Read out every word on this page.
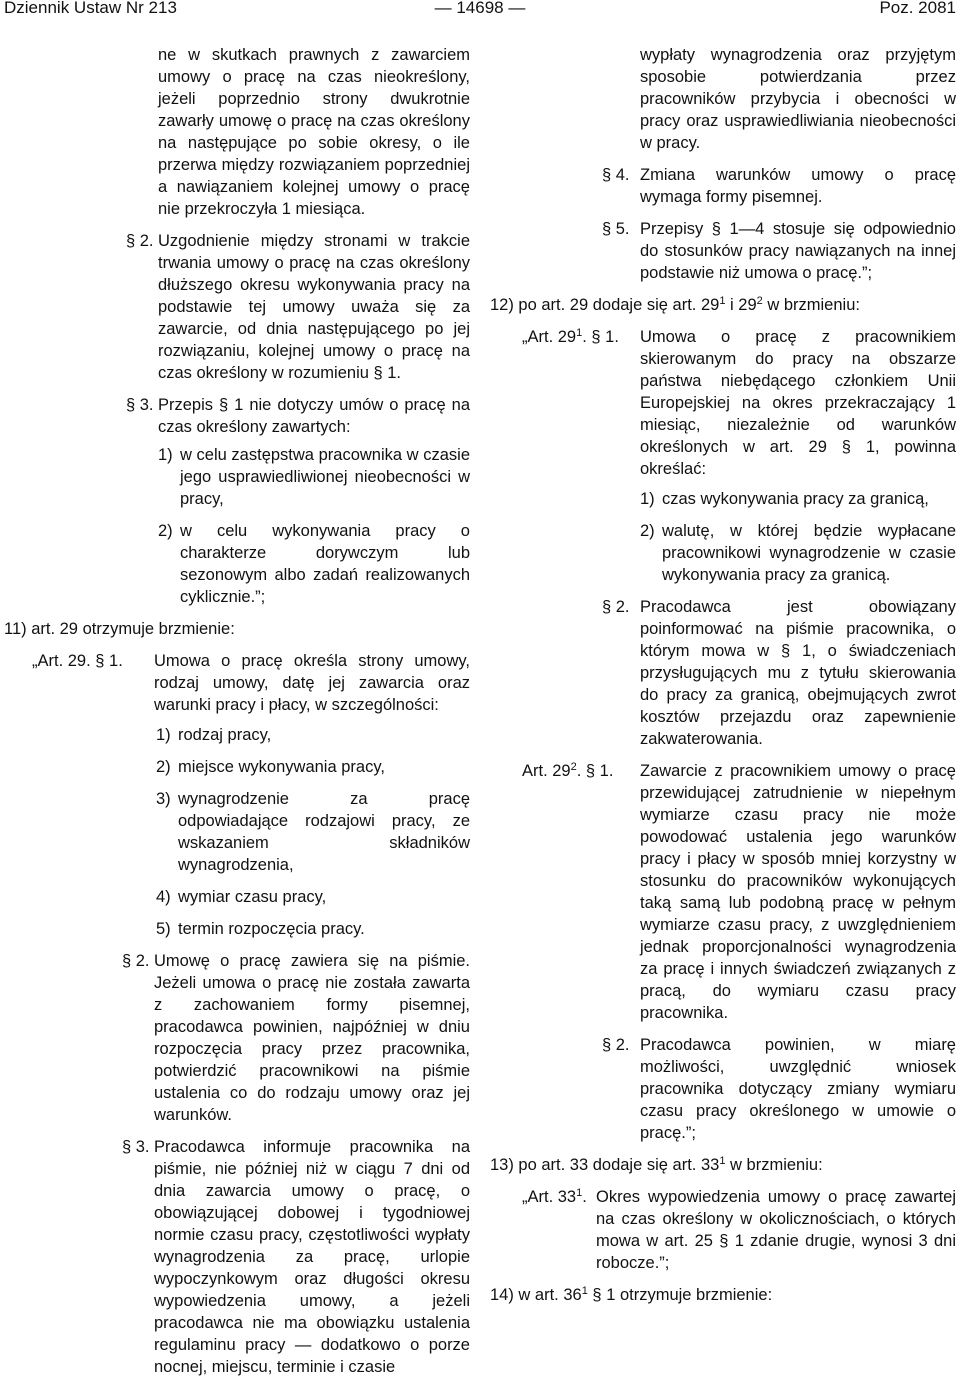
Dziennik Ustaw Nr 213	— 14698 —	Poz. 2081

ne w skutkach prawnych z zawarciem umowy o pracę na czas nieokreślony, jeżeli poprzednio strony dwukrotnie zawarły umowę o pracę na czas określony na następujące po sobie okresy, o ile przerwa między rozwiązaniem poprzedniej a nawiązaniem kolejnej umowy o pracę nie przekroczyła 1 miesiąca.

§ 2. Uzgodnienie między stronami w trakcie trwania umowy o pracę na czas określony dłuższego okresu wykonywania pracy na podstawie tej umowy uważa się za zawarcie, od dnia następującego po jej rozwiązaniu, kolejnej umowy o pracę na czas określony w rozumieniu § 1.

§ 3. Przepis § 1 nie dotyczy umów o pracę na czas określony zawartych:

1) w celu zastępstwa pracownika w czasie jego usprawiedliwionej nieobecności w pracy,

2) w celu wykonywania pracy o charakterze dorywczym lub sezonowym albo zadań realizowanych cyklicznie.”;

11) art. 29 otrzymuje brzmienie:

„Art. 29. § 1. Umowa o pracę określa strony umowy, rodzaj umowy, datę jej zawarcia oraz warunki pracy i płacy, w szczególności:

1) rodzaj pracy,

2) miejsce wykonywania pracy,

3) wynagrodzenie za pracę odpowiadające rodzajowi pracy, ze wskazaniem składników wynagrodzenia,

4) wymiar czasu pracy,

5) termin rozpoczęcia pracy.

§ 2. Umowę o pracę zawiera się na piśmie. Jeżeli umowa o pracę nie została zawarta z zachowaniem formy pisemnej, pracodawca powinien, najpóźniej w dniu rozpoczęcia pracy przez pracownika, potwierdzić pracownikowi na piśmie ustalenia co do rodzaju umowy oraz jej warunków.

§ 3. Pracodawca informuje pracownika na piśmie, nie później niż w ciągu 7 dni od dnia zawarcia umowy o pracę, o obowiązującej dobowej i tygodniowej normie czasu pracy, częstotliwości wypłaty wynagrodzenia za pracę, urlopie wypoczynkowym oraz długości okresu wypowiedzenia umowy, a jeżeli pracodawca nie ma obowiązku ustalenia regulaminu pracy — dodatkowo o porze nocnej, miejscu, terminie i czasie

wypłaty wynagrodzenia oraz przyjętym sposobie potwierdzania przez pracowników przybycia i obecności w pracy oraz usprawiedliwiania nieobecności w pracy.

§ 4. Zmiana warunków umowy o pracę wymaga formy pisemnej.

§ 5. Przepisy § 1—4 stosuje się odpowiednio do stosunków pracy nawiązanych na innej podstawie niż umowa o pracę.”;

12) po art. 29 dodaje się art. $29^1$ i $29^2$ w brzmieniu:

„Art. $29^1$. § 1. Umowa o pracę z pracownikiem skierowanym do pracy na obszarze państwa niebędącego członkiem Unii Europejskiej na okres przekraczający 1 miesiąc, niezależnie od warunków określonych w art. 29 § 1, powinna określać:

1) czas wykonywania pracy za granicą,

2) walutę, w której będzie wypłacane pracownikowi wynagrodzenie w czasie wykonywania pracy za granicą.

§ 2. Pracodawca jest obowiązany poinformować na piśmie pracownika, o którym mowa w § 1, o świadczeniach przysługujących mu z tytułu skierowania do pracy za granicą, obejmujących zwrot kosztów przejazdu oraz zapewnienie zakwaterowania.

Art. $29^2$. § 1. Zawarcie z pracownikiem umowy o pracę przewidującej zatrudnienie w niepełnym wymiarze czasu pracy nie może powodować ustalenia jego warunków pracy i płacy w sposób mniej korzystny w stosunku do pracowników wykonujących taką samą lub podobną pracę w pełnym wymiarze czasu pracy, z uwzględnieniem jednak proporcjonalności wynagrodzenia za pracę i innych świadczeń związanych z pracą, do wymiaru czasu pracy pracownika.

§ 2. Pracodawca powinien, w miarę możliwości, uwzględnić wniosek pracownika dotyczący zmiany wymiaru czasu pracy określonego w umowie o pracę.”;

13) po art. 33 dodaje się art. $33^1$ w brzmieniu:

„Art. $33^1$. Okres wypowiedzenia umowy o pracę zawartej na czas określony w okolicznościach, o których mowa w art. 25 § 1 zdanie drugie, wynosi 3 dni robocze.”;

14) w art. $36^1$ § 1 otrzymuje brzmienie:
